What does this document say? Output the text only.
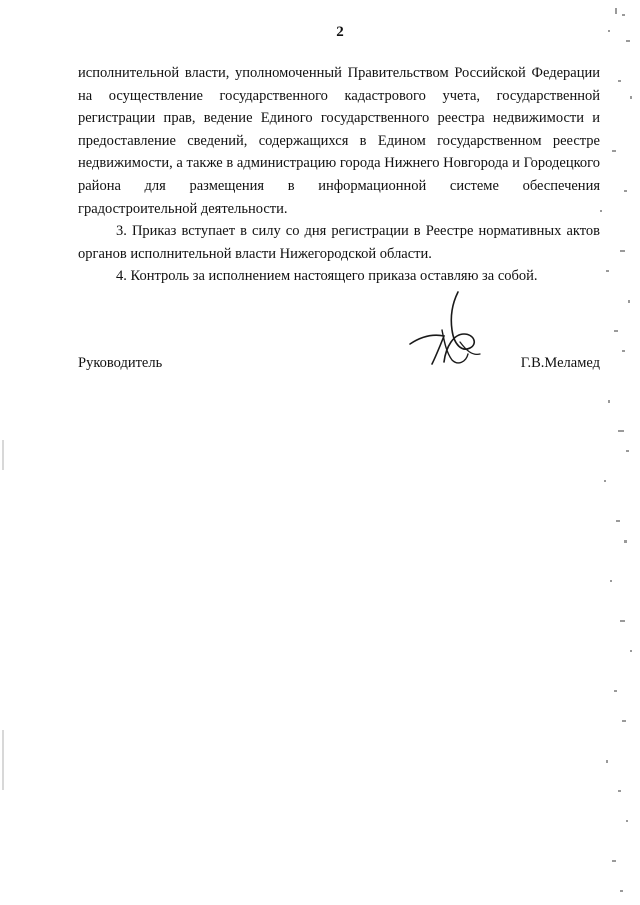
2

исполнительной власти, уполномоченный Правительством Российской Федерации на осуществление государственного кадастрового учета, государственной регистрации прав, ведение Единого государственного реестра недвижимости и предоставление сведений, содержащихся в Едином государственном реестре недвижимости, а также в администрацию города Нижнего Новгорода и Городецкого района для размещения в информационной системе обеспечения градостроительной деятельности.

3. Приказ вступает в силу со дня регистрации в Реестре нормативных актов органов исполнительной власти Нижегородской области.

4. Контроль за исполнением настоящего приказа оставляю за собой.

Руководитель	Г.В.Меламед
